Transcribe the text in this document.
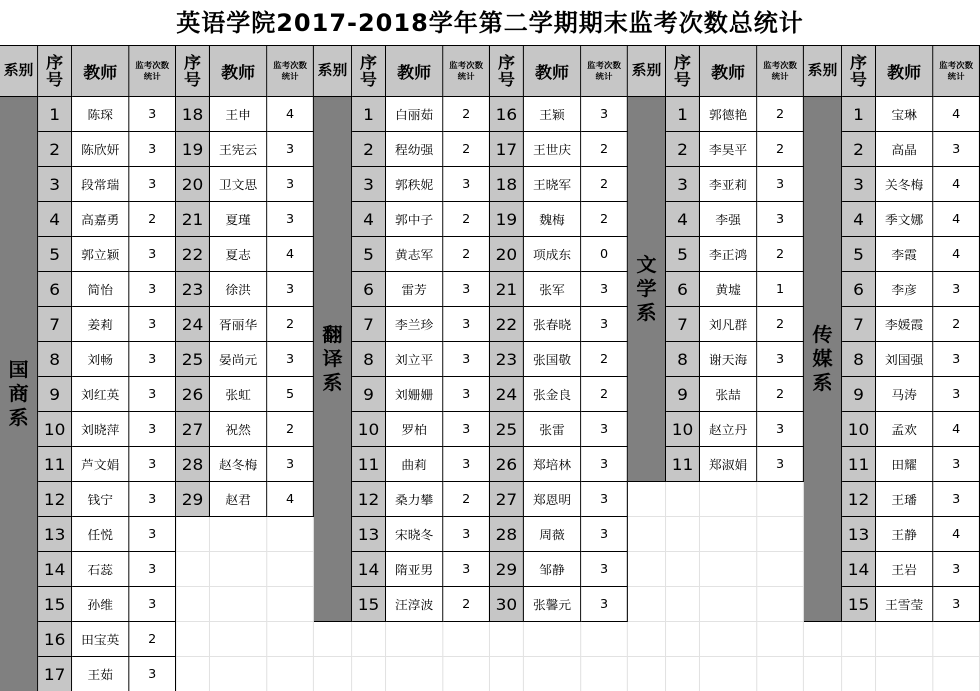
英语学院2017-2018学年第二学期期末监考次数总统计
系别
国商系
序号	教师	监考次数统计
1	陈琛	3
2	陈欣妍	3
3	段常瑞	3
4	高嘉勇	2
5	郭立颖	3
6	简怡	3
7	姜莉	3
8	刘畅	3
9	刘红英	3
10	刘晓萍	3
11	芦文娟	3
12	钱宁	3
13	任悦	3
14	石蕊	3
15	孙维	3
16	田宝英	2
17	王茹	3
序号	教师	监考次数统计
18	王申	4
19	王宪云	3
20	卫文思	3
21	夏瑾	3
22	夏志	4
23	徐洪	3
24	胥丽华	2
25	晏尚元	3
26	张虹	5
27	祝然	2
28	赵冬梅	3
29	赵君	4
系别
翻译系
序号	教师	监考次数统计
1	白丽茹	2
2	程幼强	2
3	郭秩妮	3
4	郭中子	2
5	黄志军	2
6	雷芳	3
7	李兰珍	3
8	刘立平	3
9	刘姗姗	3
10	罗柏	3
11	曲莉	3
12	桑力攀	2
13	宋晓冬	3
14	隋亚男	3
15	汪淳波	2
序号	教师	监考次数统计
16	王颖	3
17	王世庆	2
18	王晓军	2
19	魏梅	2
20	项成东	0
21	张军	3
22	张春晓	3
23	张国敬	2
24	张金良	2
25	张雷	3
26	郑培林	3
27	郑恩明	3
28	周薇	3
29	邹静	3
30	张馨元	3
系别
文学系
序号	教师	监考次数统计
1	郭德艳	2
2	李昊平	2
3	李亚莉	3
4	李强	3
5	李正鸿	2
6	黄墟	1
7	刘凡群	2
8	谢天海	3
9	张喆	2
10	赵立丹	3
11	郑淑娟	3
系别
传媒系
序号	教师	监考次数统计
1	宝琳	4
2	高晶	3
3	关冬梅	4
4	季文娜	4
5	李霞	4
6	李彦	3
7	李媛霞	2
8	刘国强	3
9	马涛	3
10	孟欢	4
11	田耀	3
12	王璠	3
13	王静	4
14	王岩	3
15	王雪莹	3
